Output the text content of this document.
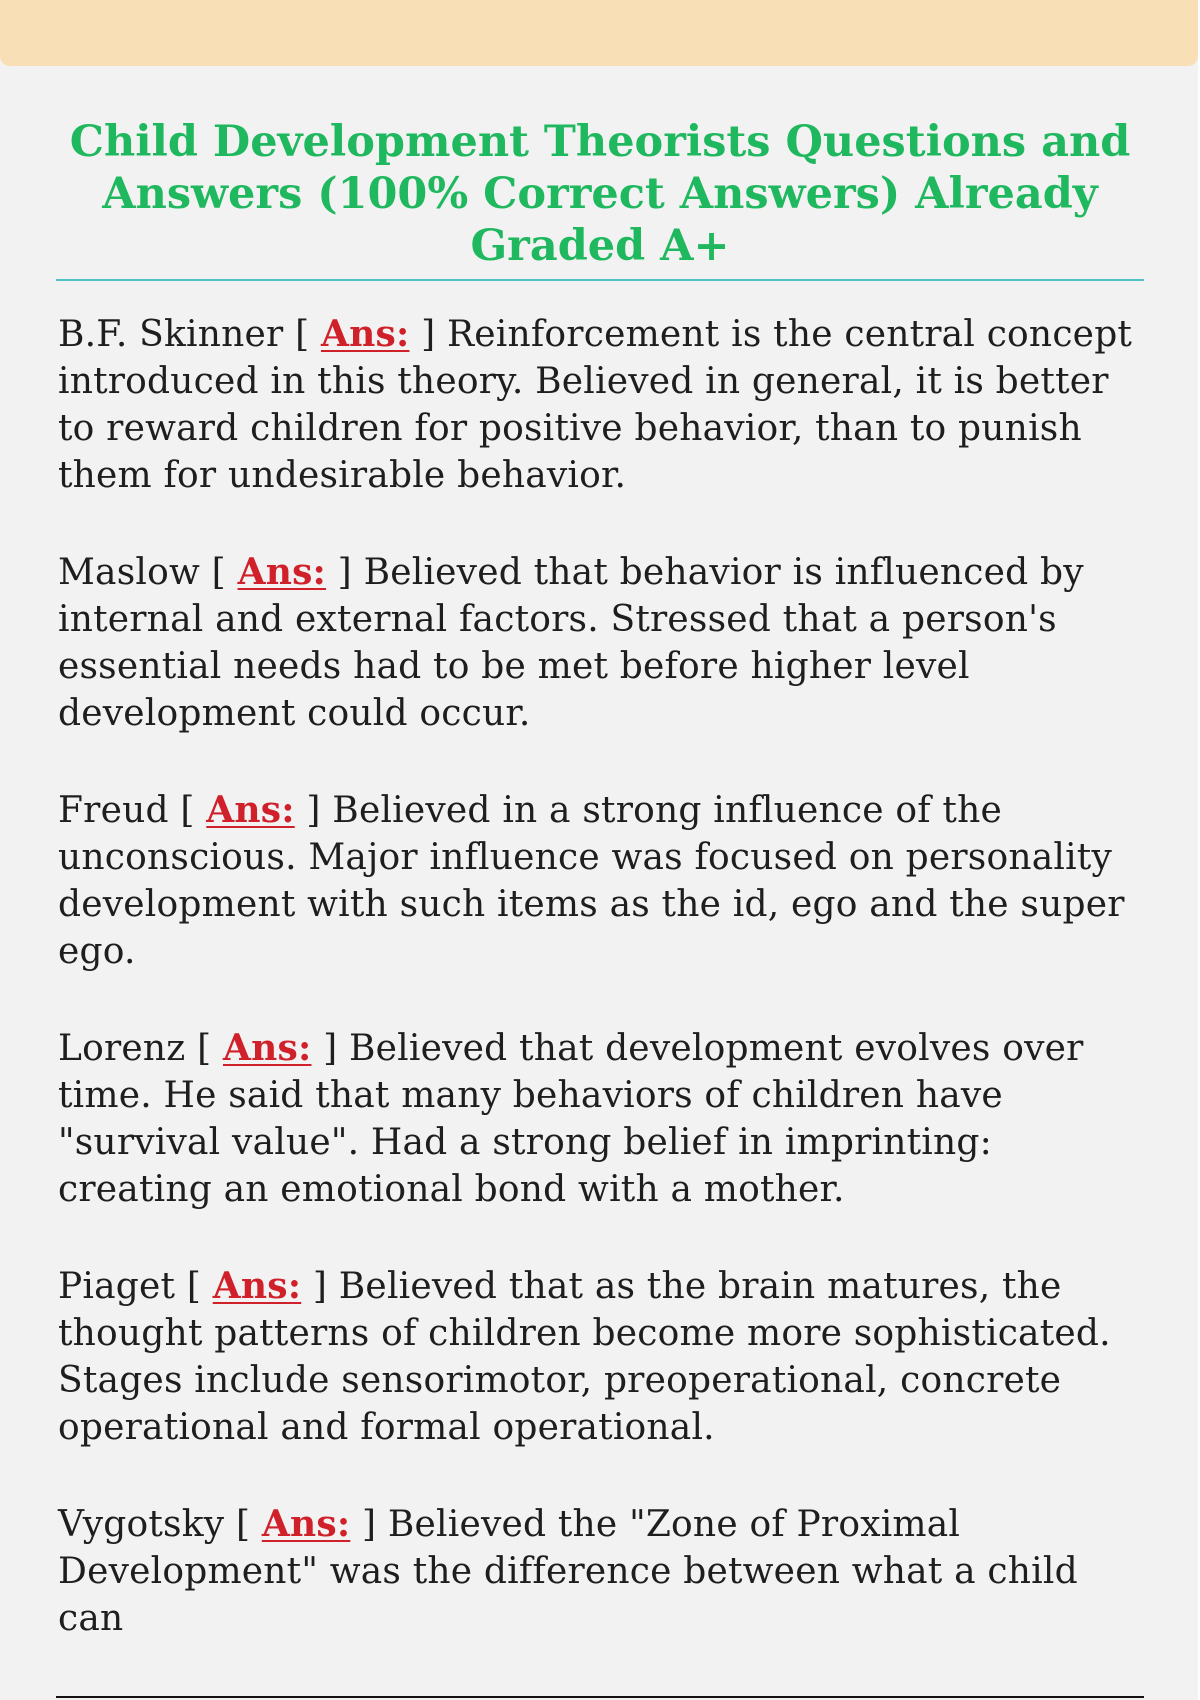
Child Development Theorists Questions and Answers (100% Correct Answers) Already Graded A+

B.F. Skinner [ Ans: ] Reinforcement is the central concept introduced in this theory. Believed in general, it is better to reward children for positive behavior, than to punish them for undesirable behavior.

Maslow [ Ans: ] Believed that behavior is influenced by internal and external factors. Stressed that a person's essential needs had to be met before higher level development could occur.

Freud [ Ans: ] Believed in a strong influence of the unconscious. Major influence was focused on personality development with such items as the id, ego and the super ego.

Lorenz [ Ans: ] Believed that development evolves over time. He said that many behaviors of children have "survival value". Had a strong belief in imprinting: creating an emotional bond with a mother.

Piaget [ Ans: ] Believed that as the brain matures, the thought patterns of children become more sophisticated. Stages include sensorimotor, preoperational, concrete operational and formal operational.

Vygotsky [ Ans: ] Believed the "Zone of Proximal Development" was the difference between what a child can
